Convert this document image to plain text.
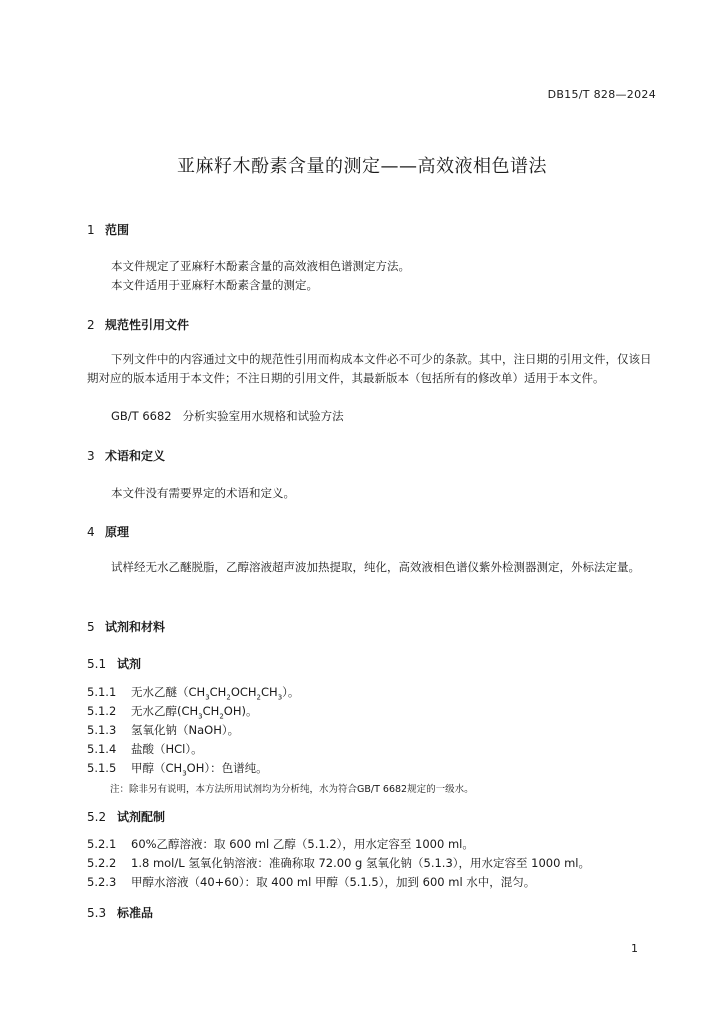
DB15/T 828—2024
亚麻籽木酚素含量的测定——高效液相色谱法
1 范围
本文件规定了亚麻籽木酚素含量的高效液相色谱测定方法。
本文件适用于亚麻籽木酚素含量的测定。
2 规范性引用文件
下列文件中的内容通过文中的规范性引用而构成本文件必不可少的条款。其中，注日期的引用文件，仅该日期对应的版本适用于本文件；不注日期的引用文件，其最新版本（包括所有的修改单）适用于本文件。
GB/T 6682 分析实验室用水规格和试验方法
3 术语和定义
本文件没有需要界定的术语和定义。
4 原理
试样经无水乙醚脱脂，乙醇溶液超声波加热提取，纯化，高效液相色谱仪紫外检测器测定，外标法定量。
5 试剂和材料
5.1 试剂
5.1.1 无水乙醚$(CH_3CH_2OCH_2CH_3)$。
5.1.2 无水乙醇$(CH_3CH_2OH)$。
5.1.3 氢氧化钠（NaOH）。
5.1.4 盐酸（HCl）。
5.1.5 甲醇$(CH_3OH)$：色谱纯。
注：除非另有说明，本方法所用试剂均为分析纯，水为符合GB/T 6682规定的一级水。
5.2 试剂配制
5.2.1 60%乙醇溶液：取 600 ml 乙醇（5.1.2），用水定容至 1000 ml。
5.2.2 1.8 mol/L 氢氧化钠溶液：准确称取 72.00 g 氢氧化钠（5.1.3），用水定容至 1000 ml。
5.2.3 甲醇水溶液（40+60）：取 400 ml 甲醇（5.1.5），加到 600 ml 水中，混匀。
5.3 标准品
1
